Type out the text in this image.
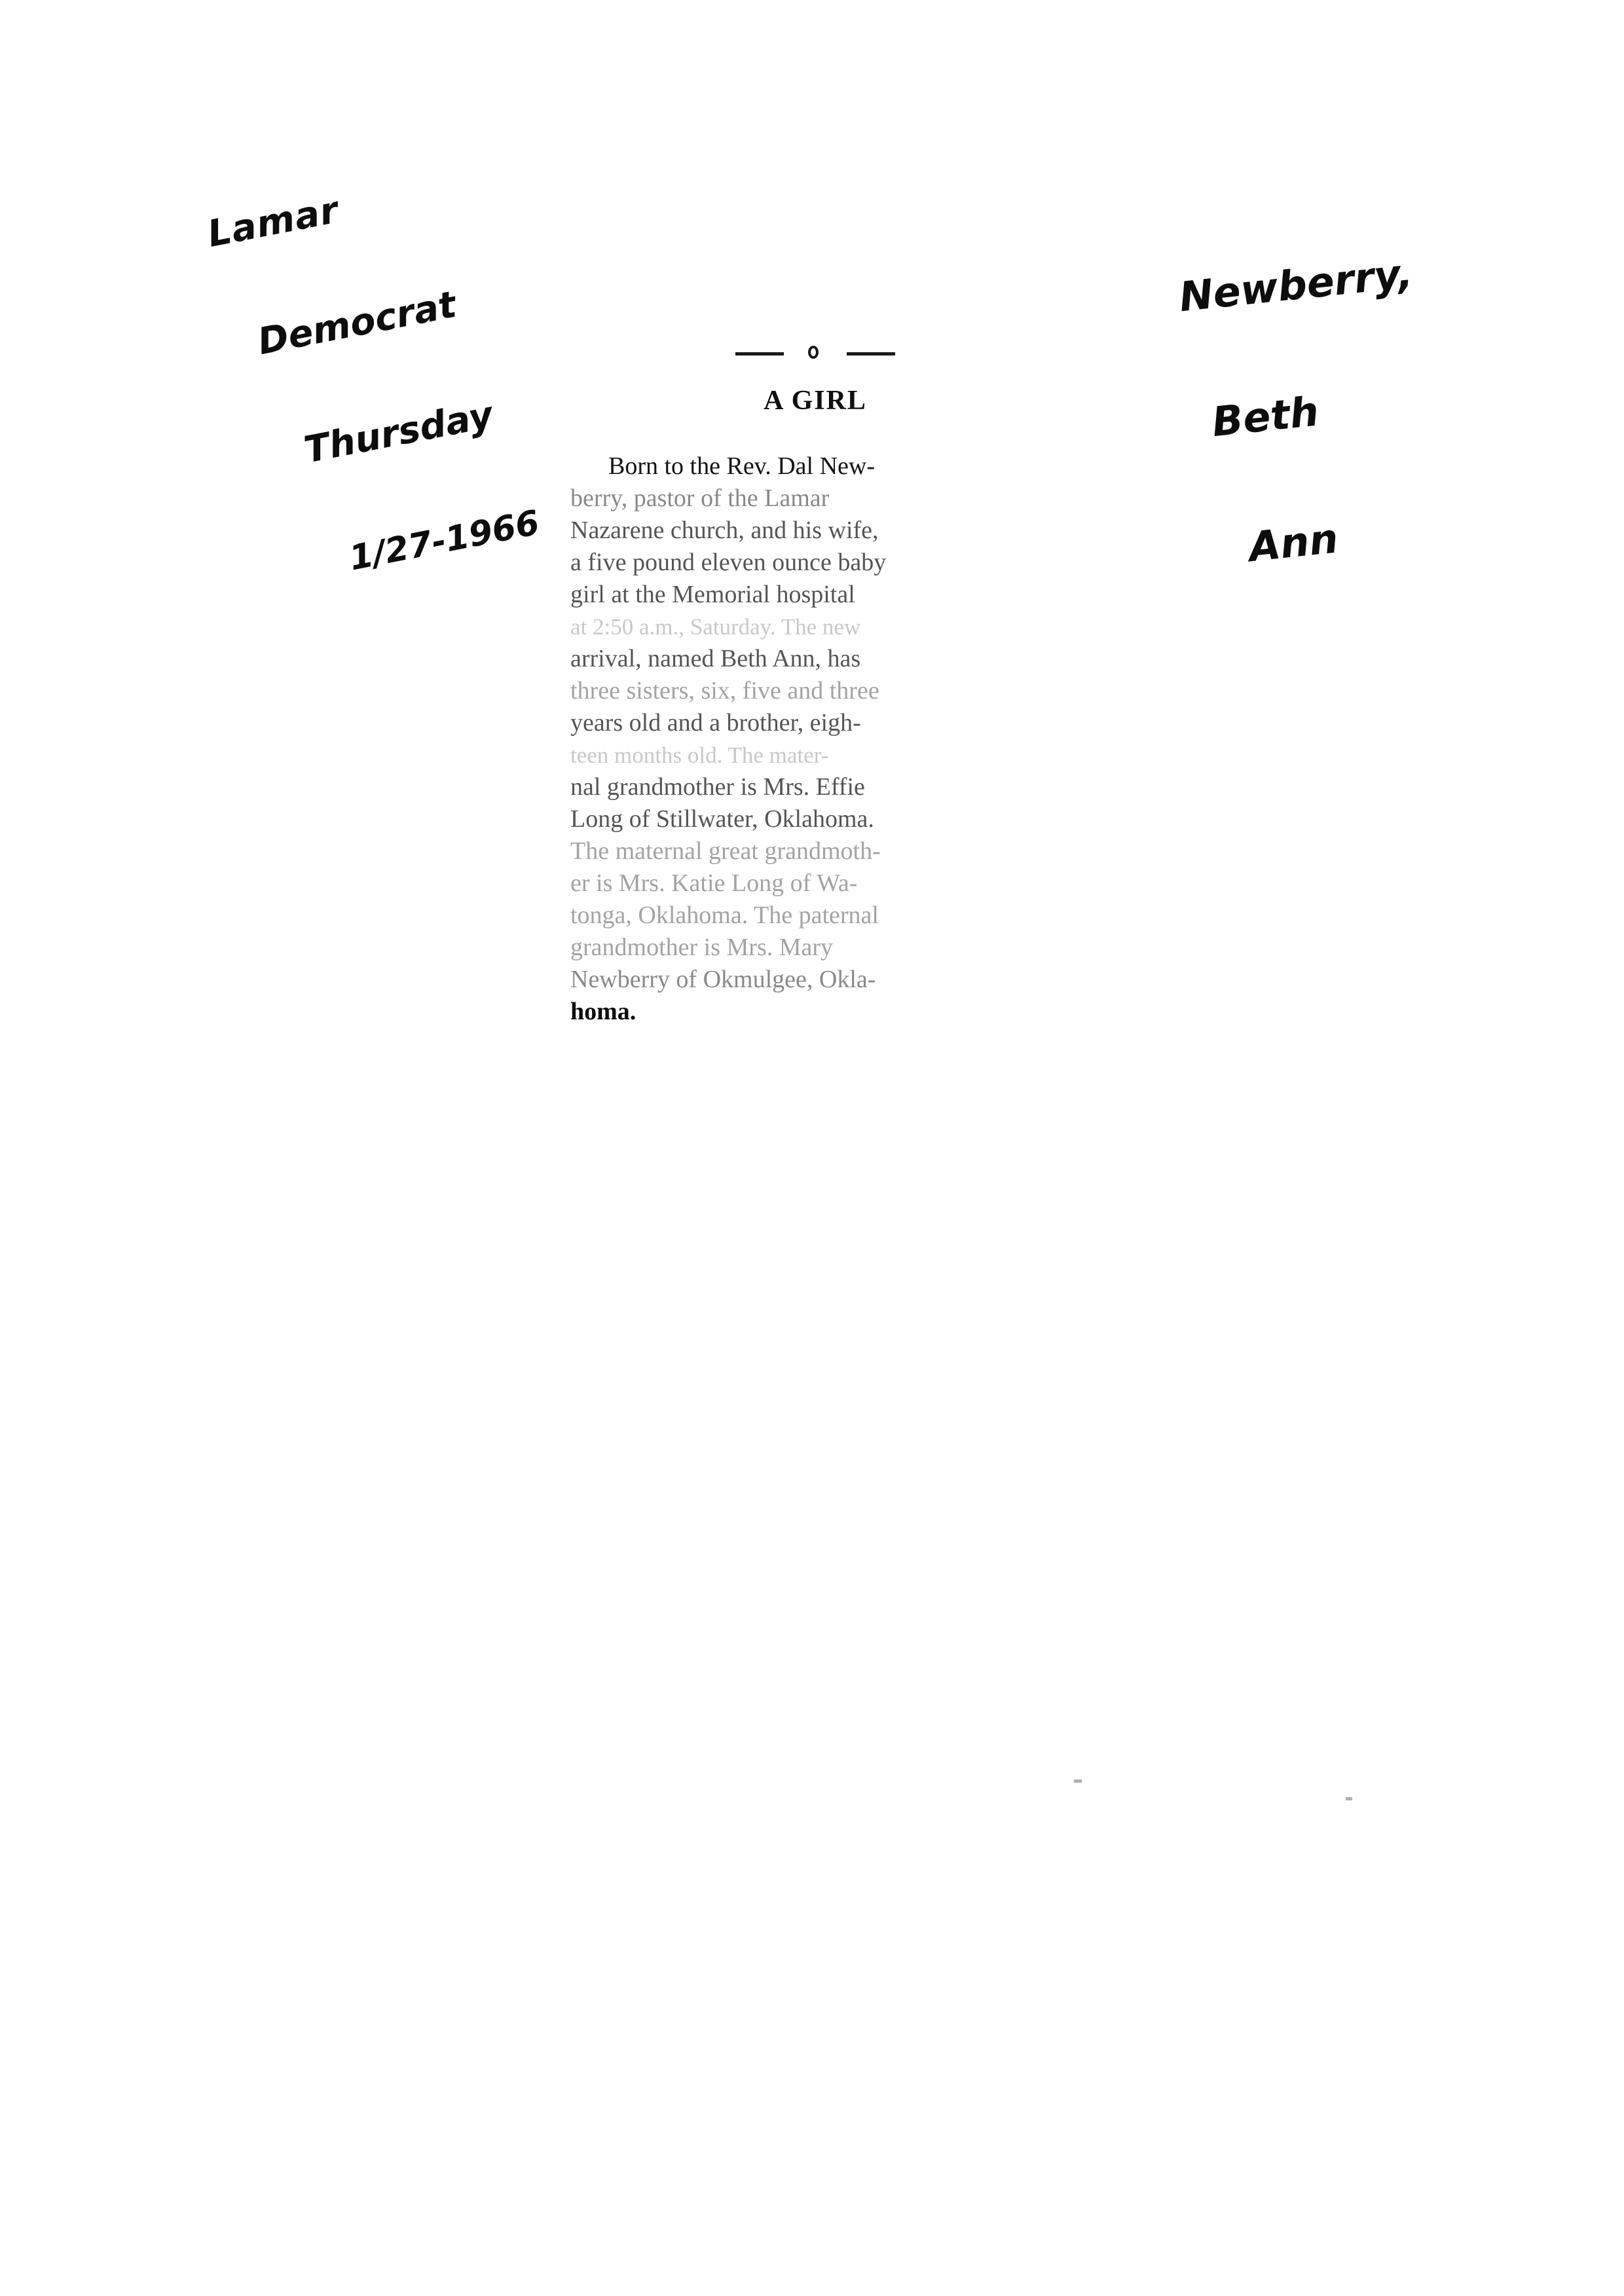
Lamar

Democrat

Thursday

1/27-1966

Newberry,

Beth

Ann

A GIRL
Born to the Rev. Dal New-
berry, pastor of the Lamar
Nazarene church, and his wife,
a five pound eleven ounce baby
girl at the Memorial hospital
at 2:50 a.m., Saturday. The new
arrival, named Beth Ann, has
three sisters, six, five and three
years old and a brother, eigh-
teen months old. The mater-
nal grandmother is Mrs. Effie
Long of Stillwater, Oklahoma.
The maternal great grandmoth-
er is Mrs. Katie Long of Wa-
tonga, Oklahoma. The paternal
grandmother is Mrs. Mary
Newberry of Okmulgee, Okla-
homa.
